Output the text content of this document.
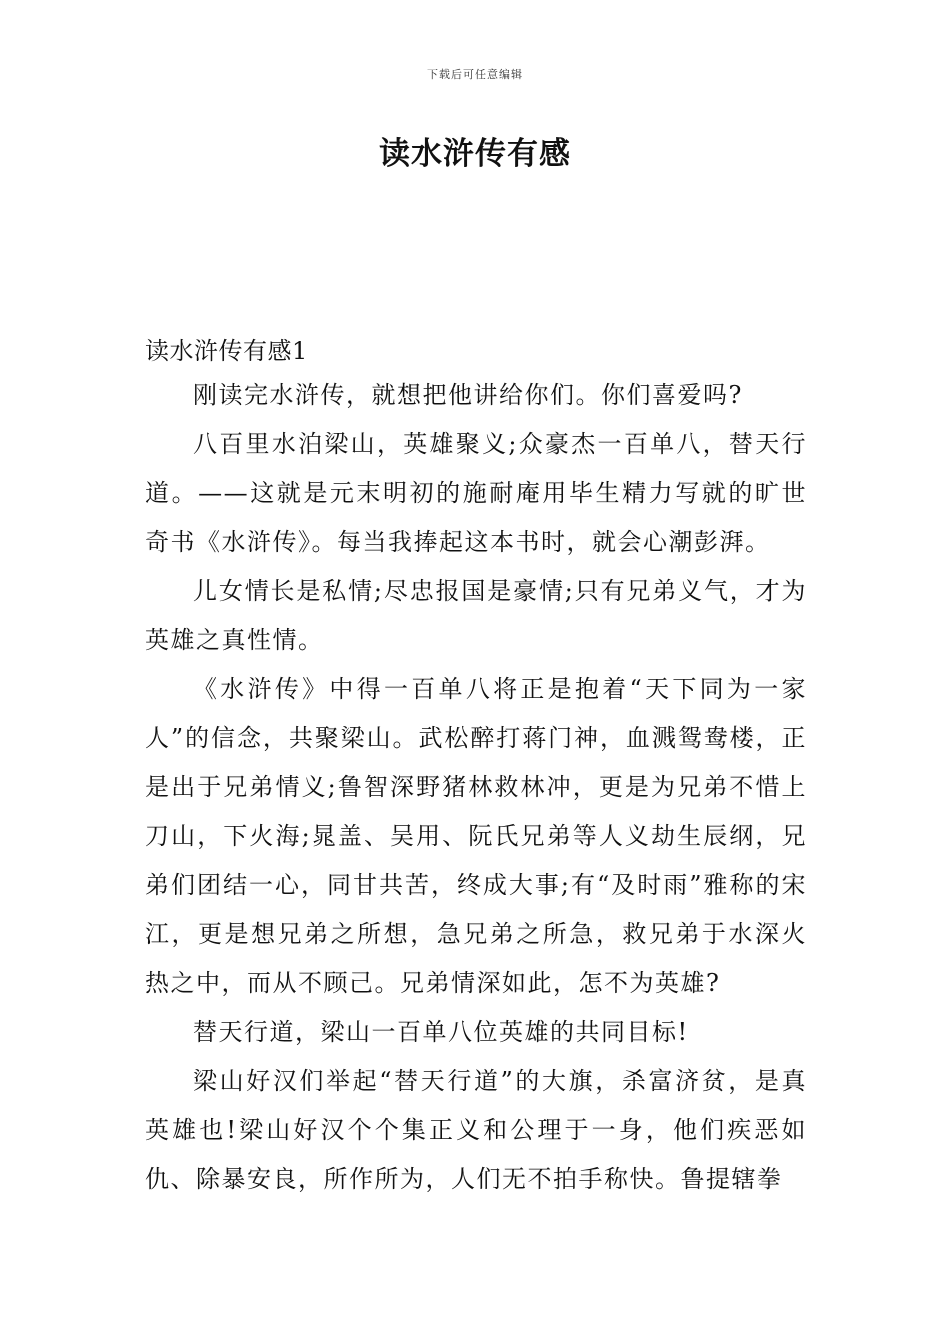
下载后可任意编辑
读水浒传有感
读水浒传有感1

刚读完水浒传，就想把他讲给你们。你们喜爱吗?

八百里水泊梁山，英雄聚义;众豪杰一百单八，替天行道。——这就是元末明初的施耐庵用毕生精力写就的旷世奇书《水浒传》。每当我捧起这本书时，就会心潮彭湃。

儿女情长是私情;尽忠报国是豪情;只有兄弟义气，才为英雄之真性情。

《水浒传》中得一百单八将正是抱着“天下同为一家人”的信念，共聚梁山。武松醉打蒋门神，血溅鸳鸯楼，正是出于兄弟情义;鲁智深野猪林救林冲，更是为兄弟不惜上刀山，下火海;晁盖、吴用、阮氏兄弟等人义劫生辰纲，兄弟们团结一心，同甘共苦，终成大事;有“及时雨”雅称的宋江，更是想兄弟之所想，急兄弟之所急，救兄弟于水深火热之中，而从不顾己。兄弟情深如此，怎不为英雄?

替天行道，梁山一百单八位英雄的共同目标!

梁山好汉们举起“替天行道”的大旗，杀富济贫，是真英雄也!梁山好汉个个集正义和公理于一身，他们疾恶如仇、除暴安良，所作所为，人们无不拍手称快。鲁提辖拳
